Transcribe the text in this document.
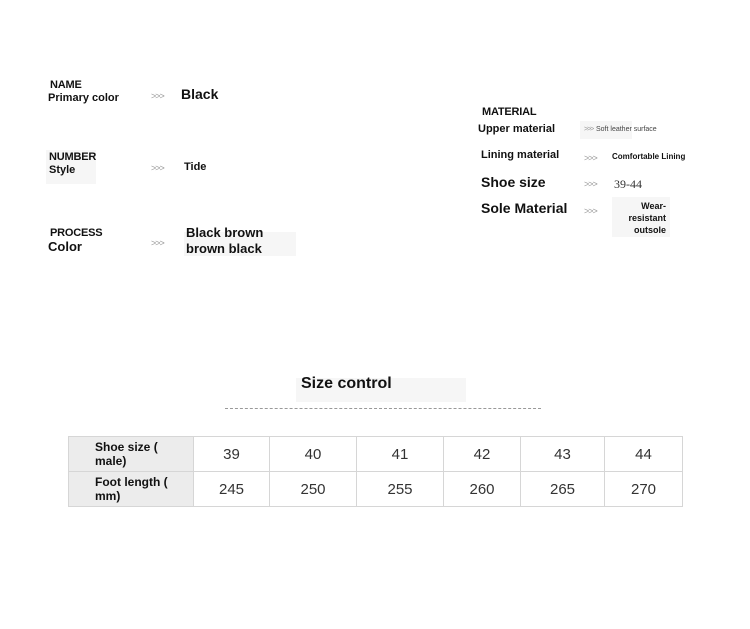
NAME
Primary color	>>> Black
NUMBER
Style	>>> Tide
PROCESS
Color	>>>
Black brown
brown black
MATERIAL
Upper material	>>> Soft leather surface
Lining material	>>> Comfortable Lining
Shoe size	>>> 39-44
Sole Material >>>	Wear-
resistant
outsole
Size control
Shoe size (
male)	39	40	41	42	43	44

Foot length (
mm)	245	250	255	260	265	270
